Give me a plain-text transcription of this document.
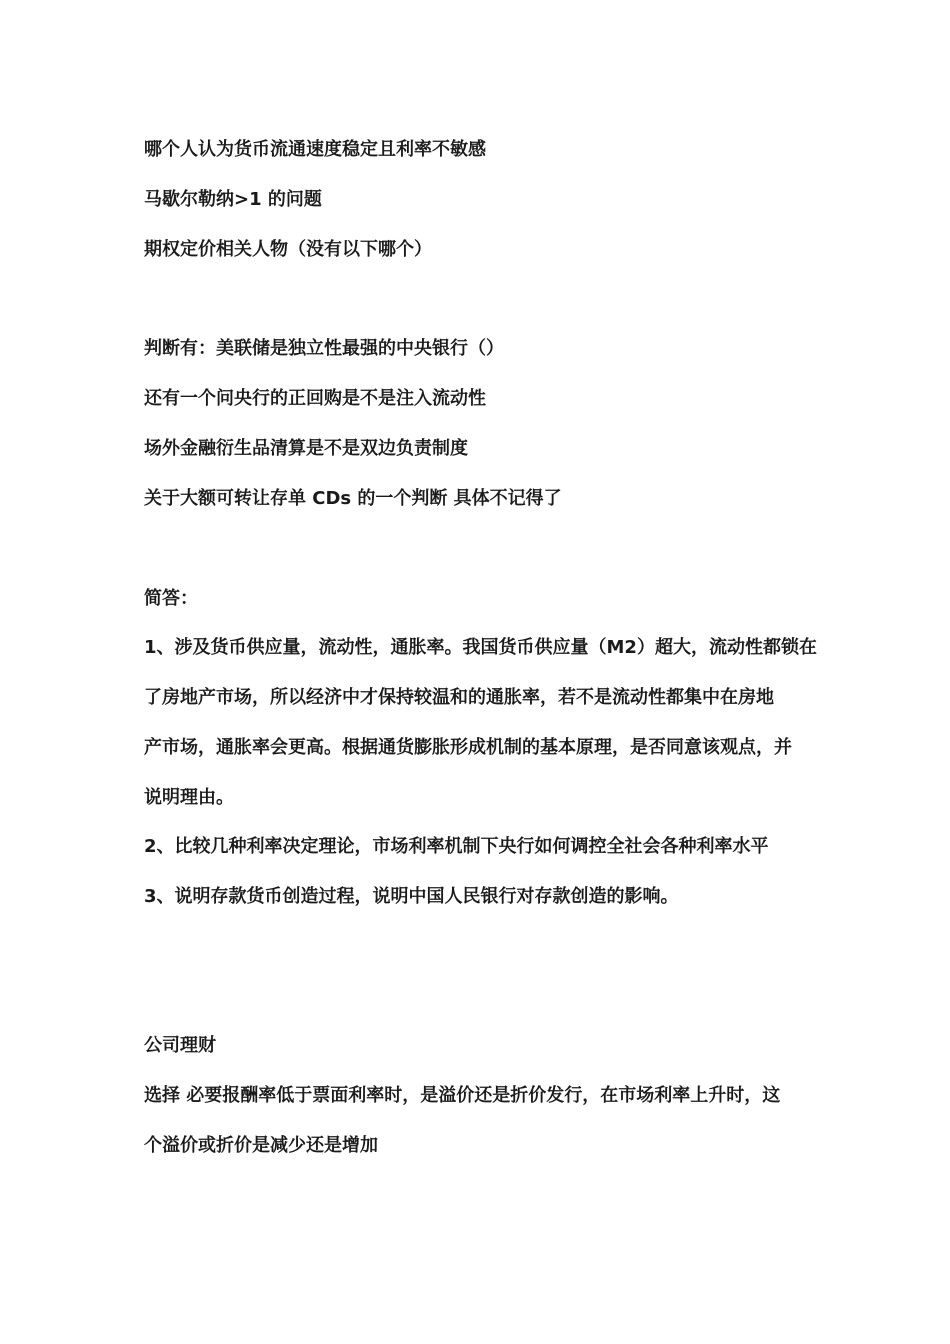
哪个人认为货币流通速度稳定且利率不敏感
马歇尔勒纳>1 的问题
期权定价相关人物（没有以下哪个）
判断有：美联储是独立性最强的中央银行（）
还有一个问央行的正回购是不是注入流动性
场外金融衍生品清算是不是双边负责制度
关于大额可转让存单 CDs 的一个判断 具体不记得了
简答：
1、涉及货币供应量，流动性，通胀率。我国货币供应量（M2）超大，流动性都锁在
了房地产市场，所以经济中才保持较温和的通胀率，若不是流动性都集中在房地
产市场，通胀率会更高。根据通货膨胀形成机制的基本原理，是否同意该观点，并
说明理由。
2、比较几种利率决定理论，市场利率机制下央行如何调控全社会各种利率水平
3、说明存款货币创造过程，说明中国人民银行对存款创造的影响。
公司理财
选择 必要报酬率低于票面利率时，是溢价还是折价发行，在市场利率上升时，这
个溢价或折价是减少还是增加
